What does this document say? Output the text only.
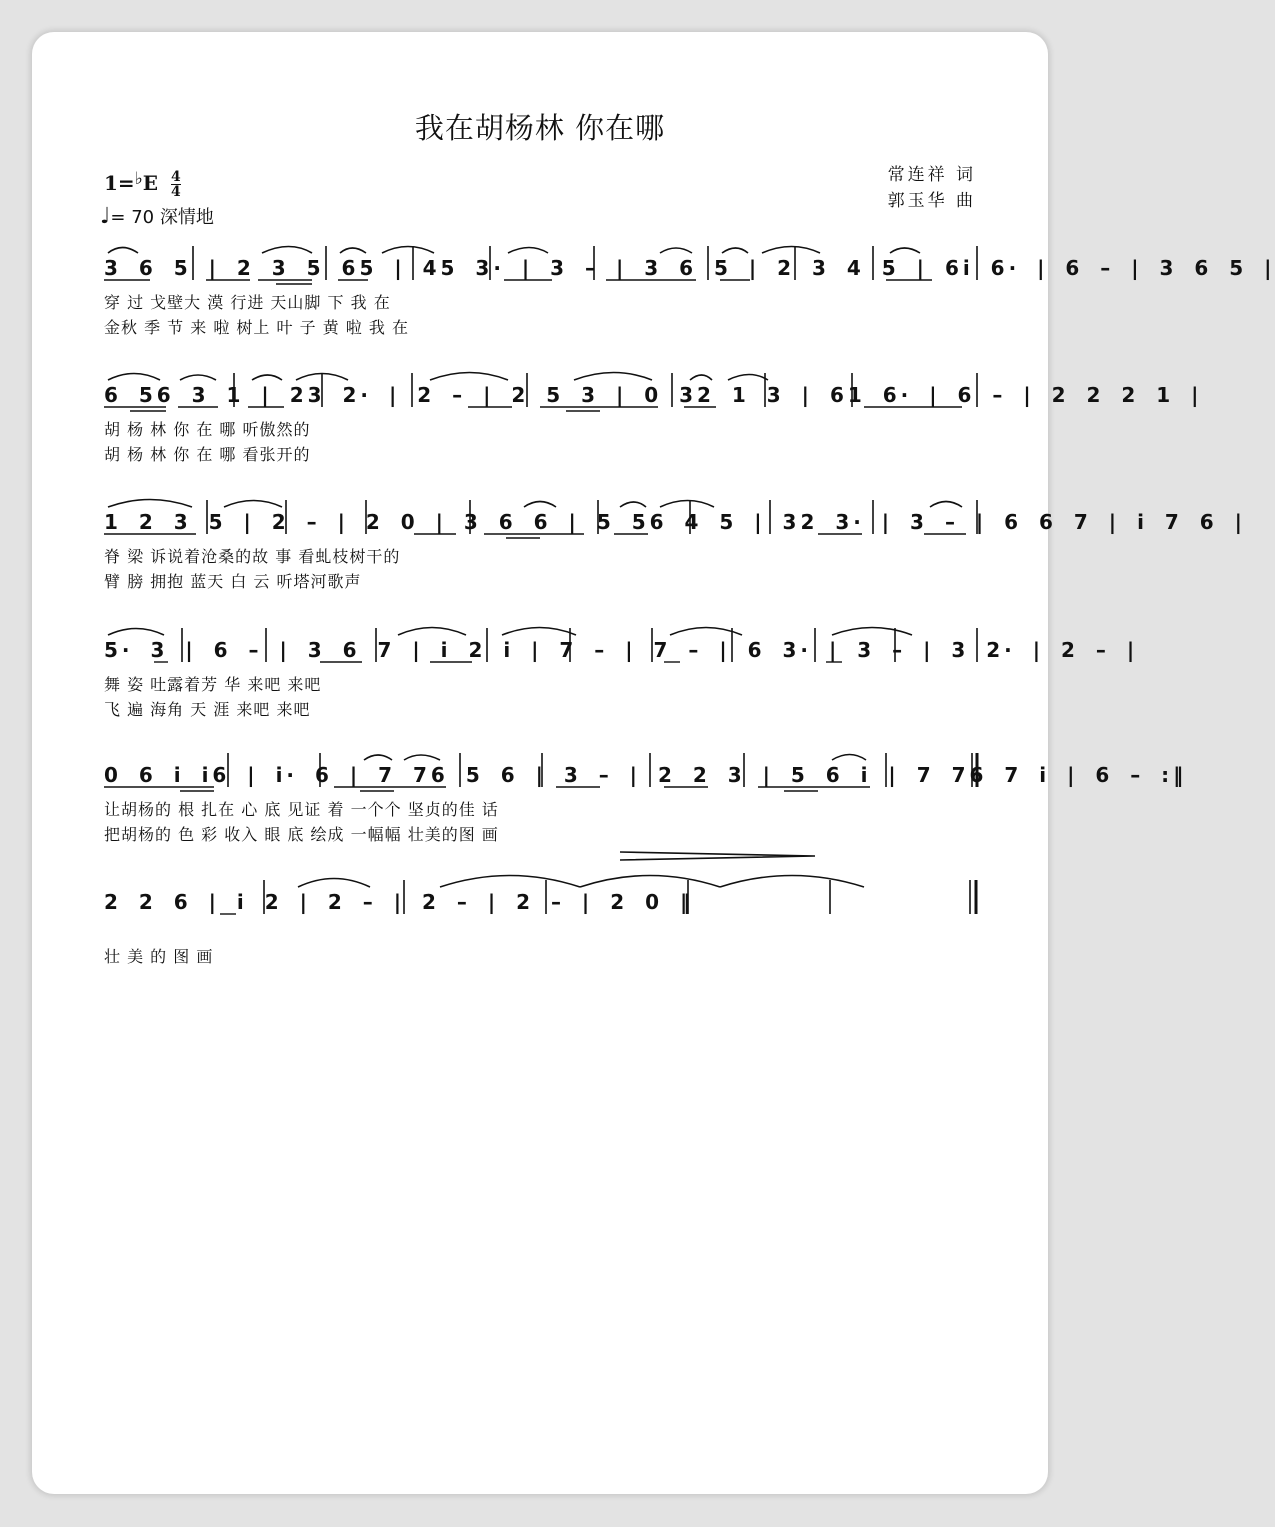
我在胡杨林 你在哪
常连祥 词
郭玉华 曲
$1=^♭E \frac{4}{4}$
♩= 70 深情地
3 6 5 | 2 3 5 65 | 45 3· | 3 – | 3 6 5 | 2 3 4 5 | 6i 6· | 6 – | 3 6 5 |
穿 过 戈壁大 漠 行进 天山脚 下 我 在
金秋 季 节 来 啦 树上 叶 子 黄 啦 我 在
6 56 3 1 | 23 2· | 2 – | 2 5 3 | 0 32 1 3 | 61 6· | 6 – | 2 2 2 1 |
胡 杨 林 你 在 哪 听傲然的
胡 杨 林 你 在 哪 看张开的
1 2 3 5 | 2 – | 2 0 | 3 6 6 | 5 56 4 5 | 32 3· | 3 – | 6 6 7 | i 7 6 |
脊 梁 诉说着沧桑的故 事 看虬枝树干的
臂 膀 拥抱 蓝天 白 云 听塔河歌声
5· 3 | 6 – | 3 6 7 | i 2 i | 7 – | 7 – | 6 3· | 3 – | 3 2· | 2 – |
舞 姿 吐露着芳 华 来吧 来吧
飞 遍 海角 天 涯 来吧 来吧
0 6 i i6 | i· 6 | 7 76 5 6 | 3 – | 2 2 3 | 5 6 i | 7 76 7 i | 6 – :‖
让胡杨的 根 扎在 心 底 见证 着 一个个 坚贞的佳 话
把胡杨的 色 彩 收入 眼 底 绘成 一幅幅 壮美的图 画
2 2 6 | i 2 | 2 – | 2 – | 2 – | 2 0 ‖
壮 美 的 图 画
